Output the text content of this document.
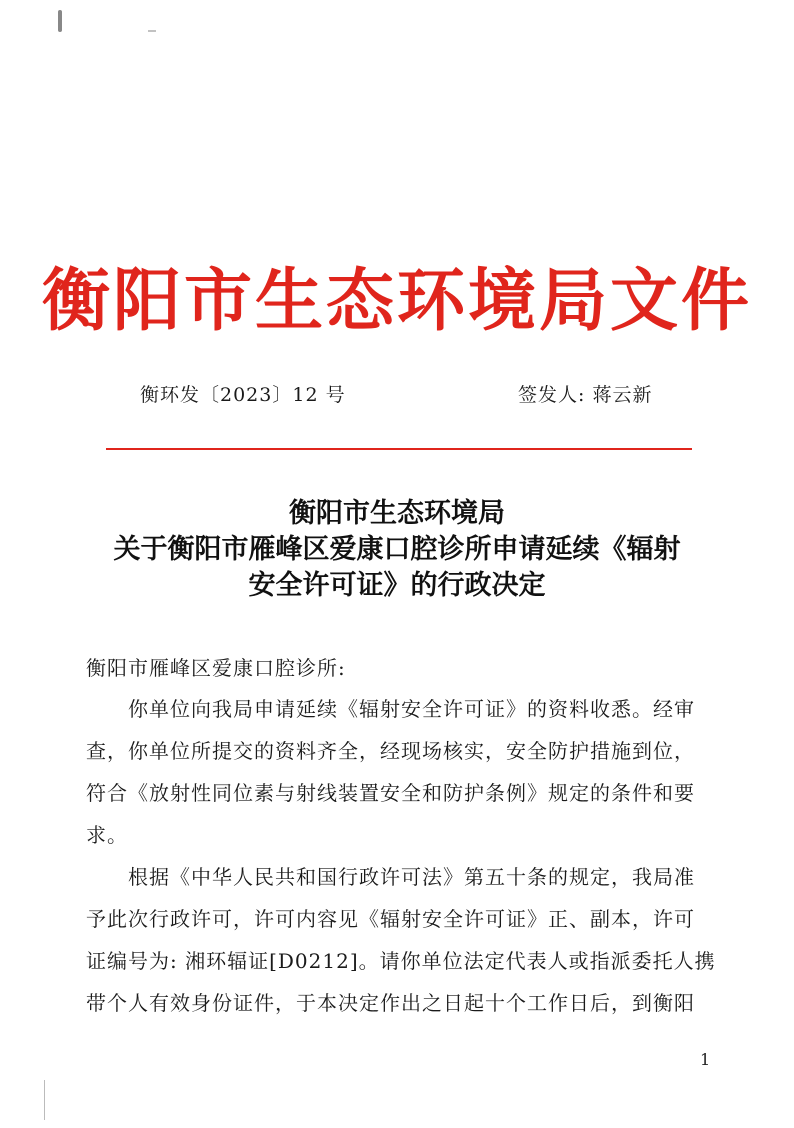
衡阳市生态环境局文件
衡环发〔2023〕12 号	签发人: 蒋云新
衡阳市生态环境局
关于衡阳市雁峰区爱康口腔诊所申请延续《辐射
安全许可证》的行政决定
衡阳市雁峰区爱康口腔诊所:
　　你单位向我局申请延续《辐射安全许可证》的资料收悉。经审
查，你单位所提交的资料齐全，经现场核实，安全防护措施到位，
符合《放射性同位素与射线装置安全和防护条例》规定的条件和要
求。
　　根据《中华人民共和国行政许可法》第五十条的规定，我局准
予此次行政许可，许可内容见《辐射安全许可证》正、副本，许可
证编号为: 湘环辐证[D0212]。请你单位法定代表人或指派委托人携
带个人有效身份证件，于本决定作出之日起十个工作日后，到衡阳
1
